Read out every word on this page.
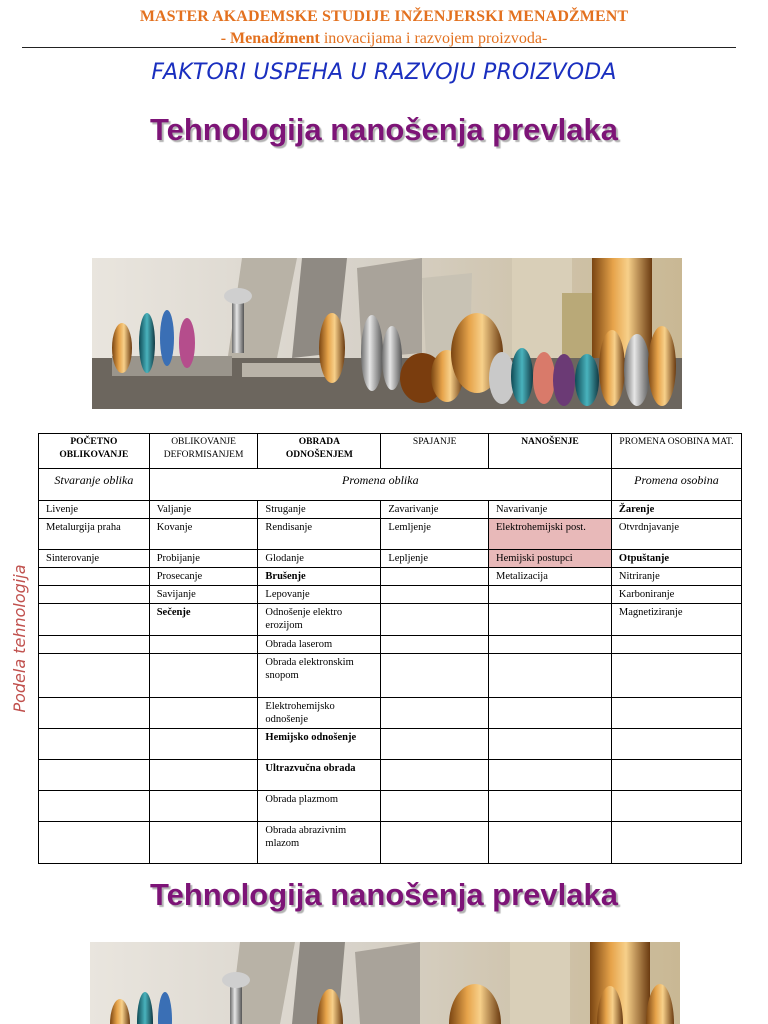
MASTER AKADEMSKE STUDIJE INŽENJERSKI MENADŽMENT
- Menadžment inovacijama i razvojem proizvoda-
FAKTORI USPEHA U RAZVOJU PROIZVODA
Tehnologija nanošenja prevlaka
Podela tehnologija
POČETNO OBLIKOVANJE	OBLIKOVANJE DEFORMISANJEM	OBRADA ODNOŠENJEM	SPAJANJE	NANOŠENJE	PROMENA OSOBINA MAT.
Stvaranje oblika	Promena oblika				Promena osobina
Livenje	Valjanje	Struganje	Zavarivanje	Navarivanje	Žarenje
Metalurgija praha	Kovanje	Rendisanje	Lemljenje	Elektrohemijski post.	Otvrdnjavanje
Sinterovanje	Probijanje	Glodanje	Lepljenje	Hemijski postupci	Otpuštanje
	Prosecanje	Brušenje		Metalizacija	Nitriranje
	Savijanje	Lepovanje			Karboniranje
	Sečenje	Odnošenje elektro erozijom			Magnetiziranje
		Obrada laserom			
		Obrada elektronskim snopom			
		Elektrohemijsko odnošenje			
		Hemijsko odnošenje			
		Ultrazvučna obrada			
		Obrada plazmom			
		Obrada abrazivnim mlazom			
Tehnologija nanošenja prevlaka
